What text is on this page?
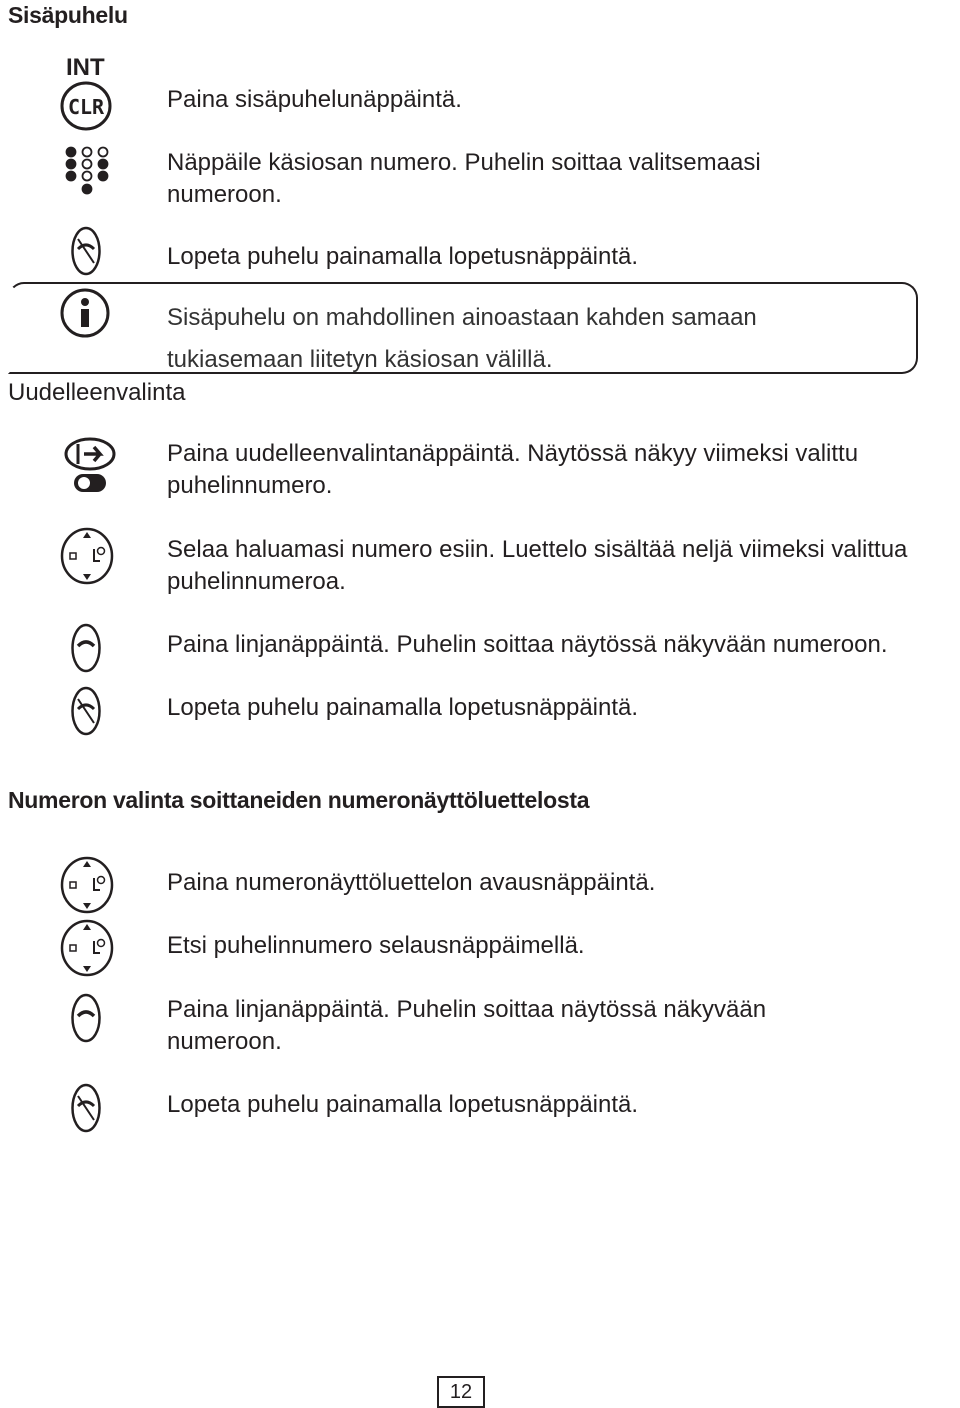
Sisäpuhelu
INT
CLR	Paina sisäpuhelunäppäintä.
Näppäile käsiosan numero. Puhelin soittaa valitsemaasi numeroon.
Lopeta puhelu painamalla lopetusnäppäintä.
Sisäpuhelu on mahdollinen ainoastaan kahden samaan tukiasemaan liitetyn käsiosan välillä.
Uudelleenvalinta
Paina uudelleenvalintanäppäintä. Näytössä näkyy viimeksi valittu puhelinnumero.
Selaa haluamasi numero esiin. Luettelo sisältää neljä viimeksi valittua puhelinnumeroa.
Paina linjanäppäintä. Puhelin soittaa näytössä näkyvään numeroon.
Lopeta puhelu painamalla lopetusnäppäintä.
Numeron valinta soittaneiden numeronäyttöluettelosta
Paina numeronäyttöluettelon avausnäppäintä.
Etsi puhelinnumero selausnäppäimellä.
Paina linjanäppäintä. Puhelin soittaa näytössä näkyvään numeroon.
Lopeta puhelu painamalla lopetusnäppäintä.
12
